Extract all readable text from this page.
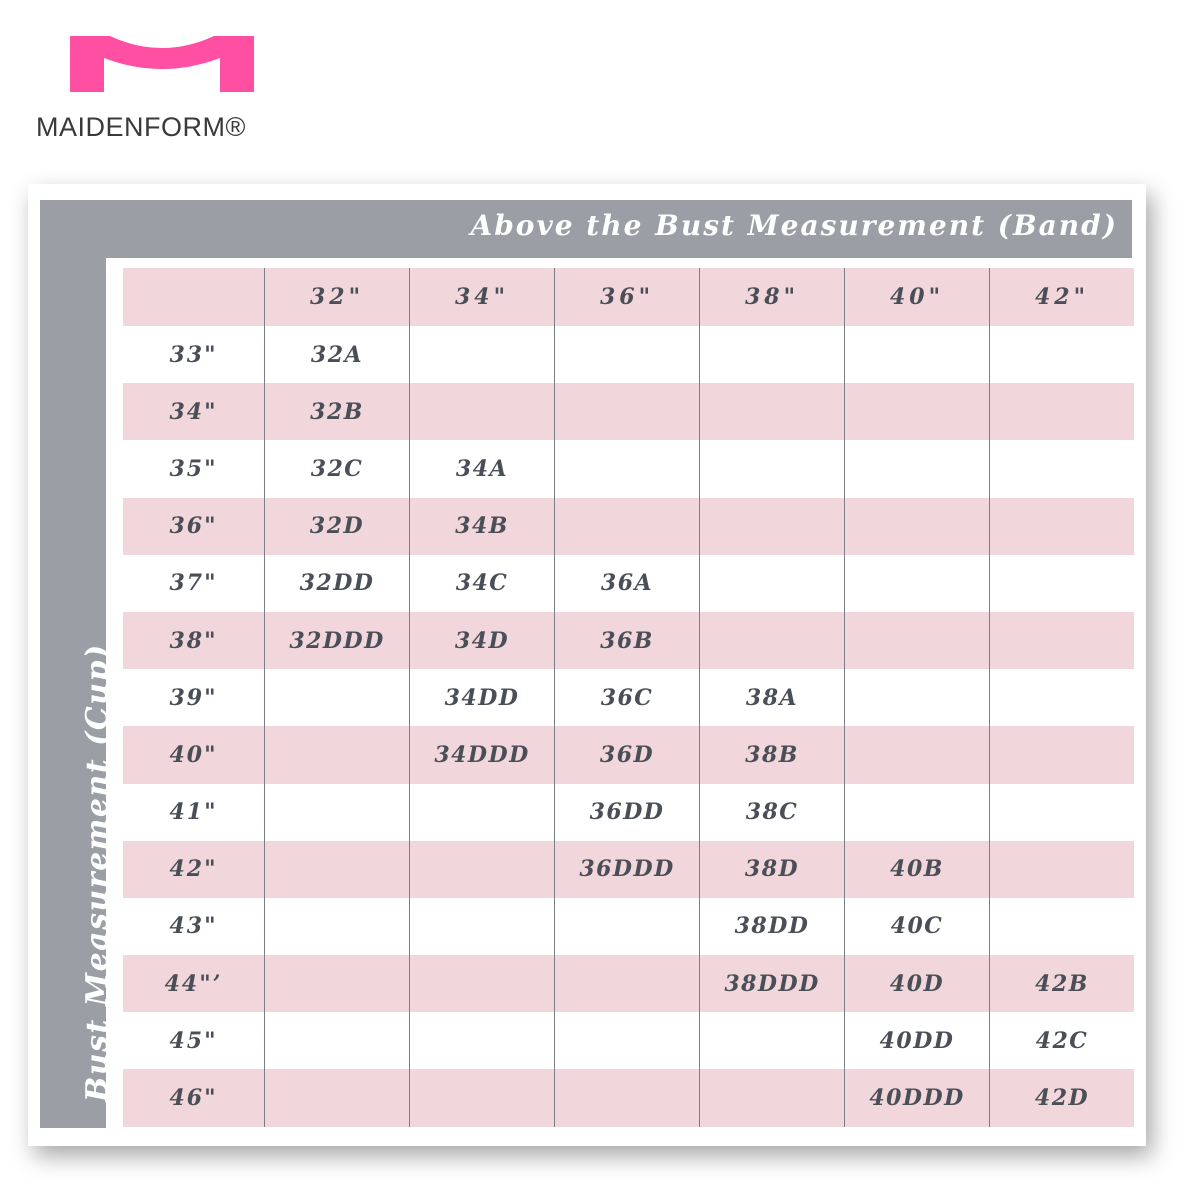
MAIDENFORM®
Above the Bust Measurement (Band)
Bust Measurement (Cup)
	32"	34"	36"	38"	40"	42"
33"	32A					
34"	32B					
35"	32C	34A				
36"	32D	34B				
37"	32DD	34C	36A			
38"	32DDD	34D	36B			
39"		34DD	36C	38A		
40"		34DDD	36D	38B		
41"			36DD	38C		
42"			36DDD	38D	40B	
43"				38DD	40C	
44"’				38DDD	40D	42B
45"					40DD	42C
46"					40DDD	42D
